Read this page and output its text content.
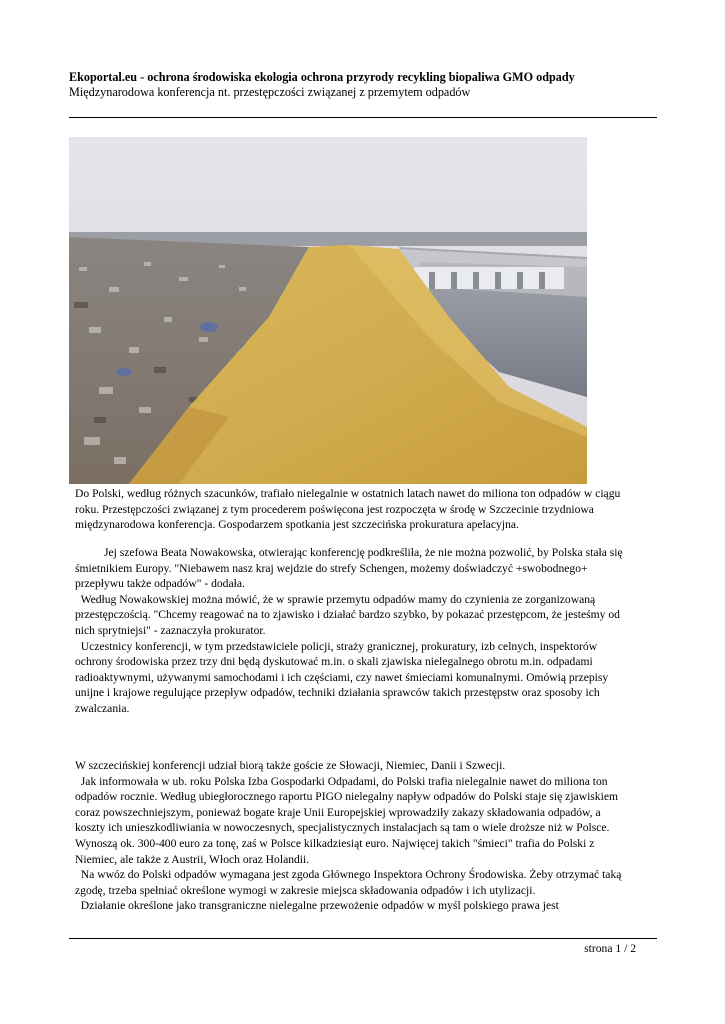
Ekoportal.eu - ochrona środowiska ekologia ochrona przyrody recykling biopaliwa GMO odpady
Międzynarodowa konferencja nt. przestępczości związanej z przemytem odpadów
Do Polski, według różnych szacunków, trafiało nielegalnie w ostatnich latach nawet do miliona ton odpadów w ciągu
roku. Przestępczości związanej z tym procederem poświęcona jest rozpoczęta w środę w Szczecinie trzydniowa
międzynarodowa konferencja. Gospodarzem spotkania jest szczecińska prokuratura apelacyjna.
Jej szefowa Beata Nowakowska, otwierając konferencję podkreśliła, że nie można pozwolić, by Polska stała się
śmietnikiem Europy. "Niebawem nasz kraj wejdzie do strefy Schengen, możemy doświadczyć +swobodnego+
przepływu także odpadów" - dodała.
Według Nowakowskiej można mówić, że w sprawie przemytu odpadów mamy do czynienia ze zorganizowaną
przestępczością. "Chcemy reagować na to zjawisko i działać bardzo szybko, by pokazać przestępcom, że jesteśmy od
nich sprytniejsi" - zaznaczyła prokurator.
Uczestnicy konferencji, w tym przedstawiciele policji, straży granicznej, prokuratury, izb celnych, inspektorów
ochrony środowiska przez trzy dni będą dyskutować m.in. o skali zjawiska nielegalnego obrotu m.in. odpadami
radioaktywnymi, używanymi samochodami i ich częściami, czy nawet śmieciami komunalnymi. Omówią przepisy
unijne i krajowe regulujące przepływ odpadów, techniki działania sprawców takich przestępstw oraz sposoby ich
zwalczania.
W szczecińskiej konferencji udział biorą także goście ze Słowacji, Niemiec, Danii i Szwecji.
Jak informowała w ub. roku Polska Izba Gospodarki Odpadami, do Polski trafia nielegalnie nawet do miliona ton
odpadów rocznie. Według ubiegłorocznego raportu PIGO nielegalny napływ odpadów do Polski staje się zjawiskiem
coraz powszechniejszym, ponieważ bogate kraje Unii Europejskiej wprowadziły zakazy składowania odpadów, a
koszty ich unieszkodliwiania w nowoczesnych, specjalistycznych instalacjach są tam o wiele droższe niż w Polsce.
Wynoszą ok. 300-400 euro za tonę, zaś w Polsce kilkadziesiąt euro. Najwięcej takich "śmieci" trafia do Polski z
Niemiec, ale także z Austrii, Włoch oraz Holandii.
Na wwóz do Polski odpadów wymagana jest zgoda Głównego Inspektora Ochrony Środowiska. Żeby otrzymać taką
zgodę, trzeba spełniać określone wymogi w zakresie miejsca składowania odpadów i ich utylizacji.
Działanie określone jako transgraniczne nielegalne przewożenie odpadów w myśl polskiego prawa jest
strona 1 / 2
